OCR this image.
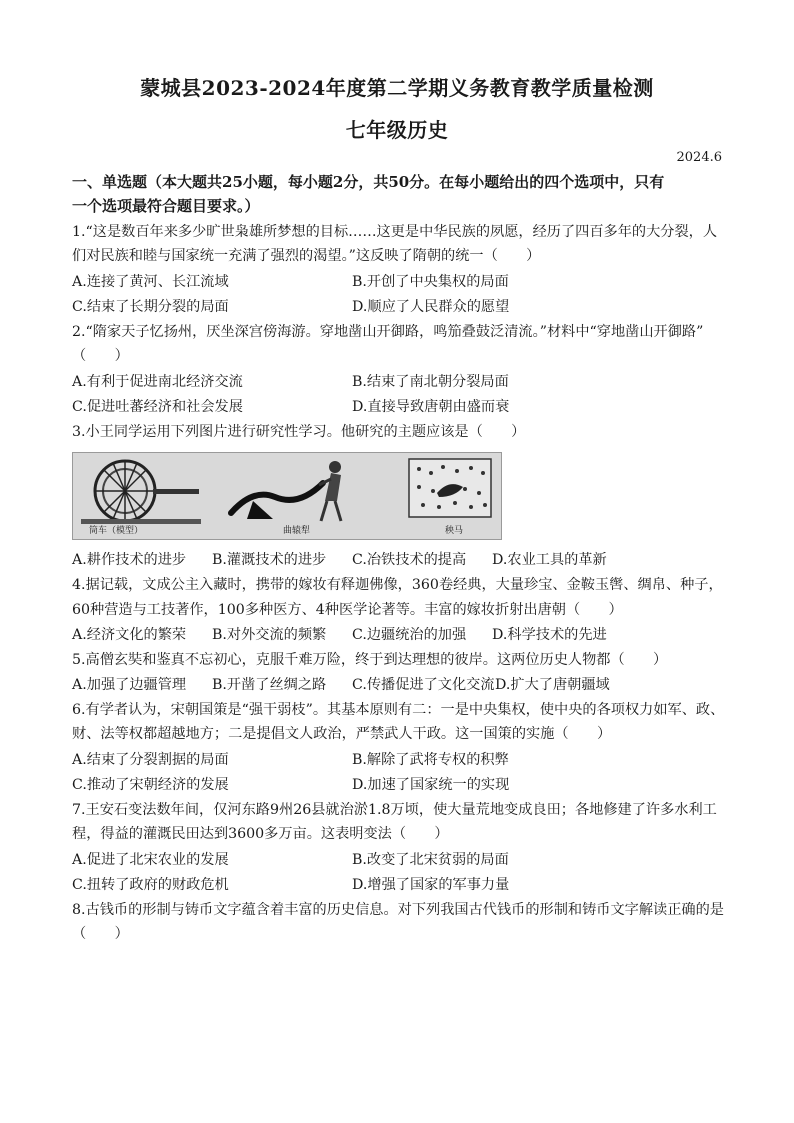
蒙城县2023-2024年度第二学期义务教育教学质量检测
七年级历史
2024.6
一、单选题（本大题共25小题，每小题2分，共50分。在每小题给出的四个选项中，只有
一个选项最符合题目要求。）
1.“这是数百年来多少旷世枭雄所梦想的目标……这更是中华民族的夙愿，经历了四百多年的大分裂，人
们对民族和睦与国家统一充满了强烈的渴望。”这反映了隋朝的统一（　　）
A.连接了黄河、长江流域	B.开创了中央集权的局面
C.结束了长期分裂的局面	D.顺应了人民群众的愿望
2.“隋家天子忆扬州，厌坐深宫傍海游。穿地凿山开御路，鸣笳叠鼓泛清流。”材料中“穿地凿山开御路”
（　　）
A.有利于促进南北经济交流	B.结束了南北朝分裂局面
C.促进吐蕃经济和社会发展	D.直接导致唐朝由盛而衰
3.小王同学运用下列图片进行研究性学习。他研究的主题应该是（　　）
筒车（模型）	曲辕犁	秧马
A.耕作技术的进步 B.灌溉技术的进步 C.冶铁技术的提高 D.农业工具的革新
4.据记载，文成公主入藏时，携带的嫁妆有释迦佛像，360卷经典，大量珍宝、金鞍玉辔、绸帛、种子，
60种营造与工技著作，100多种医方、4种医学论著等。丰富的嫁妆折射出唐朝（　　）
A.经济文化的繁荣 B.对外交流的频繁 C.边疆统治的加强 D.科学技术的先进
5.高僧玄奘和鉴真不忘初心，克服千难万险，终于到达理想的彼岸。这两位历史人物都（　　）
A.加强了边疆管理 B.开凿了丝绸之路 C.传播促进了文化交流 D.扩大了唐朝疆域
6.有学者认为，宋朝国策是“强干弱枝”。其基本原则有二：一是中央集权，使中央的各项权力如军、政、
财、法等权都超越地方；二是提倡文人政治，严禁武人干政。这一国策的实施（　　）
A.结束了分裂割据的局面	B.解除了武将专权的积弊
C.推动了宋朝经济的发展	D.加速了国家统一的实现
7.王安石变法数年间，仅河东路9州26县就治淤1.8万顷，使大量荒地变成良田；各地修建了许多水利工
程，得益的灌溉民田达到3600多万亩。这表明变法（　　）
A.促进了北宋农业的发展	B.改变了北宋贫弱的局面
C.扭转了政府的财政危机	D.增强了国家的军事力量
8.古钱币的形制与铸币文字蕴含着丰富的历史信息。对下列我国古代钱币的形制和铸币文字解读正确的是
（　　）
